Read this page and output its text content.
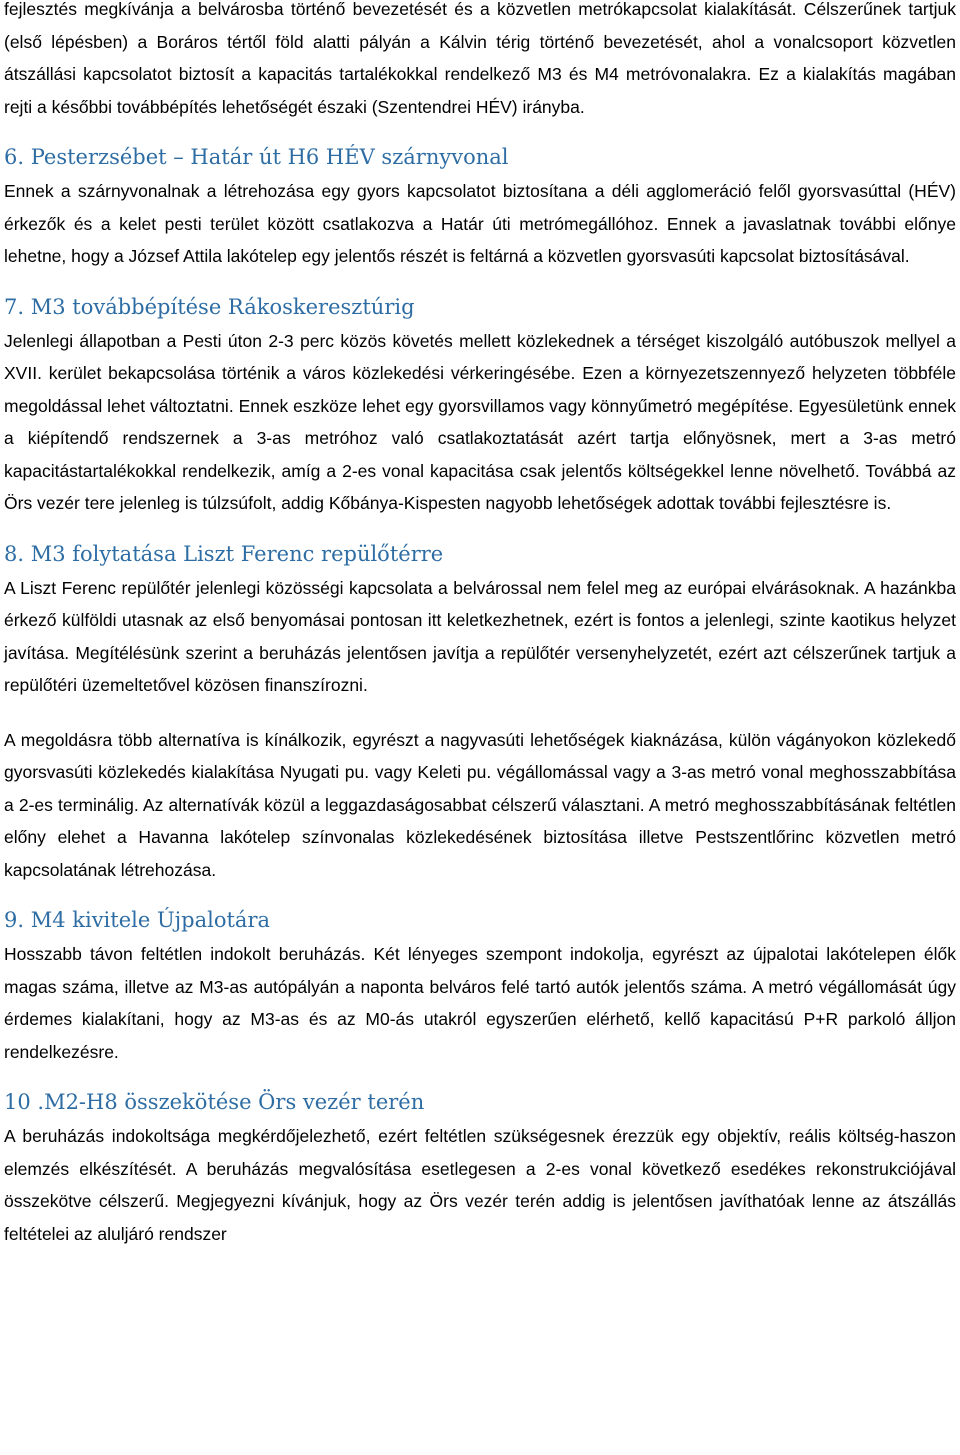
fejlesztés megkívánja a belvárosba történő bevezetését és a közvetlen metrókapcsolat kialakítását. Célszerűnek tartjuk (első lépésben) a Boráros tértől föld alatti pályán a Kálvin térig történő bevezetését, ahol a vonalcsoport közvetlen átszállási kapcsolatot biztosít a kapacitás tartalékokkal rendelkező M3 és M4 metróvonalakra. Ez a kialakítás magában rejti a későbbi továbbépítés lehetőségét északi (Szentendrei HÉV) irányba.

6. Pesterzsébet – Határ út H6 HÉV szárnyvonal

Ennek a szárnyvonalnak a létrehozása egy gyors kapcsolatot biztosítana a déli agglomeráció felől gyorsvasúttal (HÉV) érkezők és a kelet pesti terület között csatlakozva a Határ úti metrómegállóhoz. Ennek a javaslatnak további előnye lehetne, hogy a József Attila lakótelep egy jelentős részét is feltárná a közvetlen gyorsvasúti kapcsolat biztosításával.

7. M3 továbbépítése Rákoskeresztúrig

Jelenlegi állapotban a Pesti úton 2-3 perc közös követés mellett közlekednek a térséget kiszolgáló autóbuszok mellyel a XVII. kerület bekapcsolása történik a város közlekedési vérkeringésébe. Ezen a környezetszennyező helyzeten többféle megoldással lehet változtatni. Ennek eszköze lehet egy gyorsvillamos vagy könnyűmetró megépítése. Egyesületünk ennek a kiépítendő rendszernek a 3-as metróhoz való csatlakoztatását azért tartja előnyösnek, mert a 3-as metró kapacitástartalékokkal rendelkezik, amíg a 2-es vonal kapacitása csak jelentős költségekkel lenne növelhető. Továbbá az Örs vezér tere jelenleg is túlzsúfolt, addig Kőbánya-Kispesten nagyobb lehetőségek adottak további fejlesztésre is.

8. M3 folytatása Liszt Ferenc repülőtérre

A Liszt Ferenc repülőtér jelenlegi közösségi kapcsolata a belvárossal nem felel meg az európai elvárásoknak. A hazánkba érkező külföldi utasnak az első benyomásai pontosan itt keletkezhetnek, ezért is fontos a jelenlegi, szinte kaotikus helyzet javítása. Megítélésünk szerint a beruházás jelentősen javítja a repülőtér versenyhelyzetét, ezért azt célszerűnek tartjuk a repülőtéri üzemeltetővel közösen finanszírozni.

A megoldásra több alternatíva is kínálkozik, egyrészt a nagyvasúti lehetőségek kiaknázása, külön vágányokon közlekedő gyorsvasúti közlekedés kialakítása Nyugati pu. vagy Keleti pu. végállomással vagy a 3-as metró vonal meghosszabbítása a 2-es terminálig. Az alternatívák közül a leggazdaságosabbat célszerű választani. A metró meghosszabbításának feltétlen előny elehet a Havanna lakótelep színvonalas közlekedésének biztosítása illetve Pestszentlőrinc közvetlen metró kapcsolatának létrehozása.

9. M4 kivitele Újpalotára

Hosszabb távon feltétlen indokolt beruházás. Két lényeges szempont indokolja, egyrészt az újpalotai lakótelepen élők magas száma, illetve az M3-as autópályán a naponta belváros felé tartó autók jelentős száma. A metró végállomását úgy érdemes kialakítani, hogy az M3-as és az M0-ás utakról egyszerűen elérhető, kellő kapacitású P+R parkoló álljon rendelkezésre.

10 .M2-H8 összekötése Örs vezér terén

A beruházás indokoltsága megkérdőjelezhető, ezért feltétlen szükségesnek érezzük egy objektív, reális költség-haszon elemzés elkészítését. A beruházás megvalósítása esetlegesen a 2-es vonal következő esedékes rekonstrukciójával összekötve célszerű. Megjegyezni kívánjuk, hogy az Örs vezér terén addig is jelentősen javíthatóak lenne az átszállás feltételei az aluljáró rendszer
